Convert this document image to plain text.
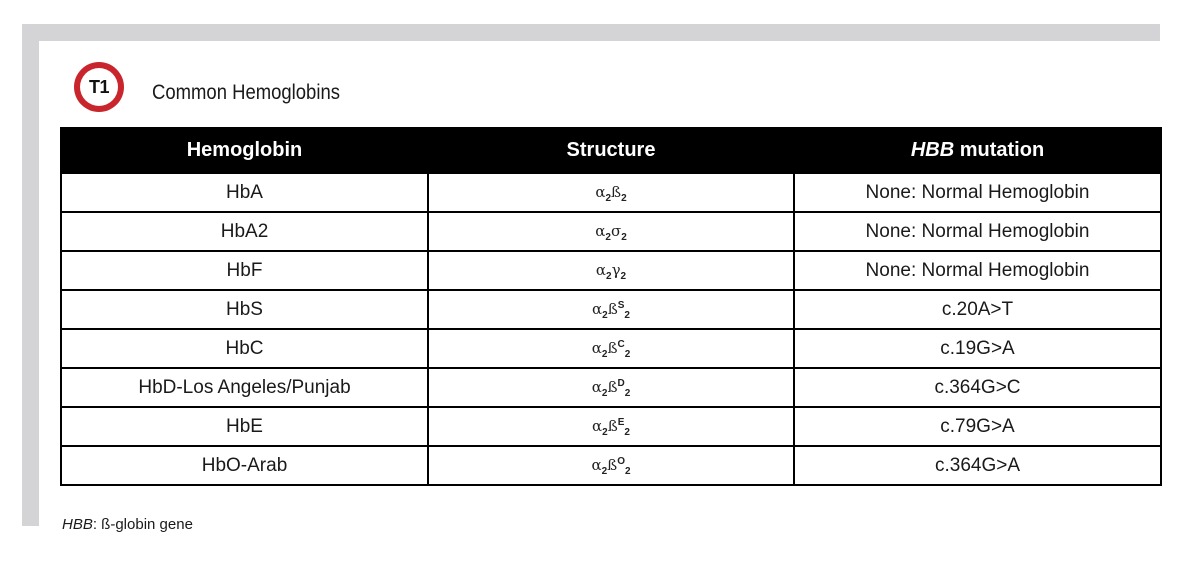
T1	Common Hemoglobins
Hemoglobin	Structure	HBB mutation
HbA	$\alpha_2ß_2$	None: Normal Hemoglobin
HbA2	$\alpha_2\sigma_2$	None: Normal Hemoglobin
HbF	$\alpha_2\gamma_2$	None: Normal Hemoglobin
HbS	$\alpha_2ß^S_2$	c.20A>T
HbC	$\alpha_2ß^C_2$	c.19G>A
HbD-Los Angeles/Punjab	$\alpha_2ß^D_2$	c.364G>C
HbE	$\alpha_2ß^E_2$	c.79G>A
HbO-Arab	$\alpha_2ß^O_2$	c.364G>A
HBB: ß-globin gene
